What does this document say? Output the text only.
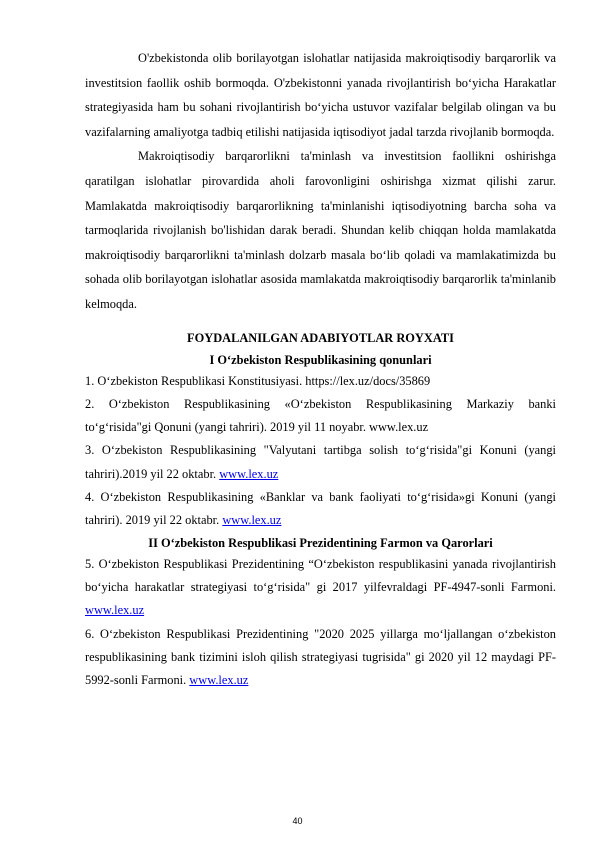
O'zbekistonda olib borilayotgan islohatlar natijasida makroiqtisodiy barqarorlik va investitsion faollik oshib bormoqda. O'zbekistonni yanada rivojlantirish bo‘yicha Harakatlar strategiyasida ham bu sohani rivojlantirish bo‘yicha ustuvor vazifalar belgilab olingan va bu vazifalarning amaliyotga tadbiq etilishi natijasida iqtisodiyot jadal tarzda rivojlanib bormoqda.

Makroiqtisodiy barqarorlikni ta'minlash va investitsion faollikni oshirishga qaratilgan islohatlar pirovardida aholi farovonligini oshirishga xizmat qilishi zarur. Mamlakatda makroiqtisodiy barqarorlikning ta'minlanishi iqtisodiyotning barcha soha va tarmoqlarida rivojlanish bo'lishidan darak beradi. Shundan kelib chiqqan holda mamlakatda makroiqtisodiy barqarorlikni ta'minlash dolzarb masala bo‘lib qoladi va mamlakatimizda bu sohada olib borilayotgan islohatlar asosida mamlakatda makroiqtisodiy barqarorlik ta'minlanib kelmoqda.

FOYDALANILGAN ADABIYOTLAR ROYXATI
I O‘zbekiston Respublikasining qonunlari

1. O‘zbekiston Respublikasi Konstitusiyasi. https://lex.uz/docs/35869

2. O‘zbekiston Respublikasining «O‘zbekiston Respublikasining Markaziy banki to‘g‘risida"gi Qonuni (yangi tahriri). 2019 yil 11 noyabr. www.lex.uz

3. O‘zbekiston Respublikasining "Valyutani tartibga solish to‘g‘risida"gi Konuni (yangi tahriri).2019 yil 22 oktabr. www.lex.uz

4. O‘zbekiston Respublikasining «Banklar va bank faoliyati to‘g‘risida»gi Konuni (yangi tahriri). 2019 yil 22 oktabr. www.lex.uz

II O‘zbekiston Respublikasi Prezidentining Farmon va Qarorlari

5. O‘zbekiston Respublikasi Prezidentining “O‘zbekiston respublikasini yanada rivojlantirish bo‘yicha harakatlar strategiyasi to‘g‘risida" gi 2017 yilfevraldagi PF-4947-sonli Farmoni. www.lex.uz

6. O‘zbekiston Respublikasi Prezidentining "2020 2025 yillarga mo‘ljallangan o‘zbekiston respublikasining bank tizimini isloh qilish strategiyasi tugrisida" gi 2020 yil 12 maydagi PF-5992-sonli Farmoni. www.lex.uz

40
